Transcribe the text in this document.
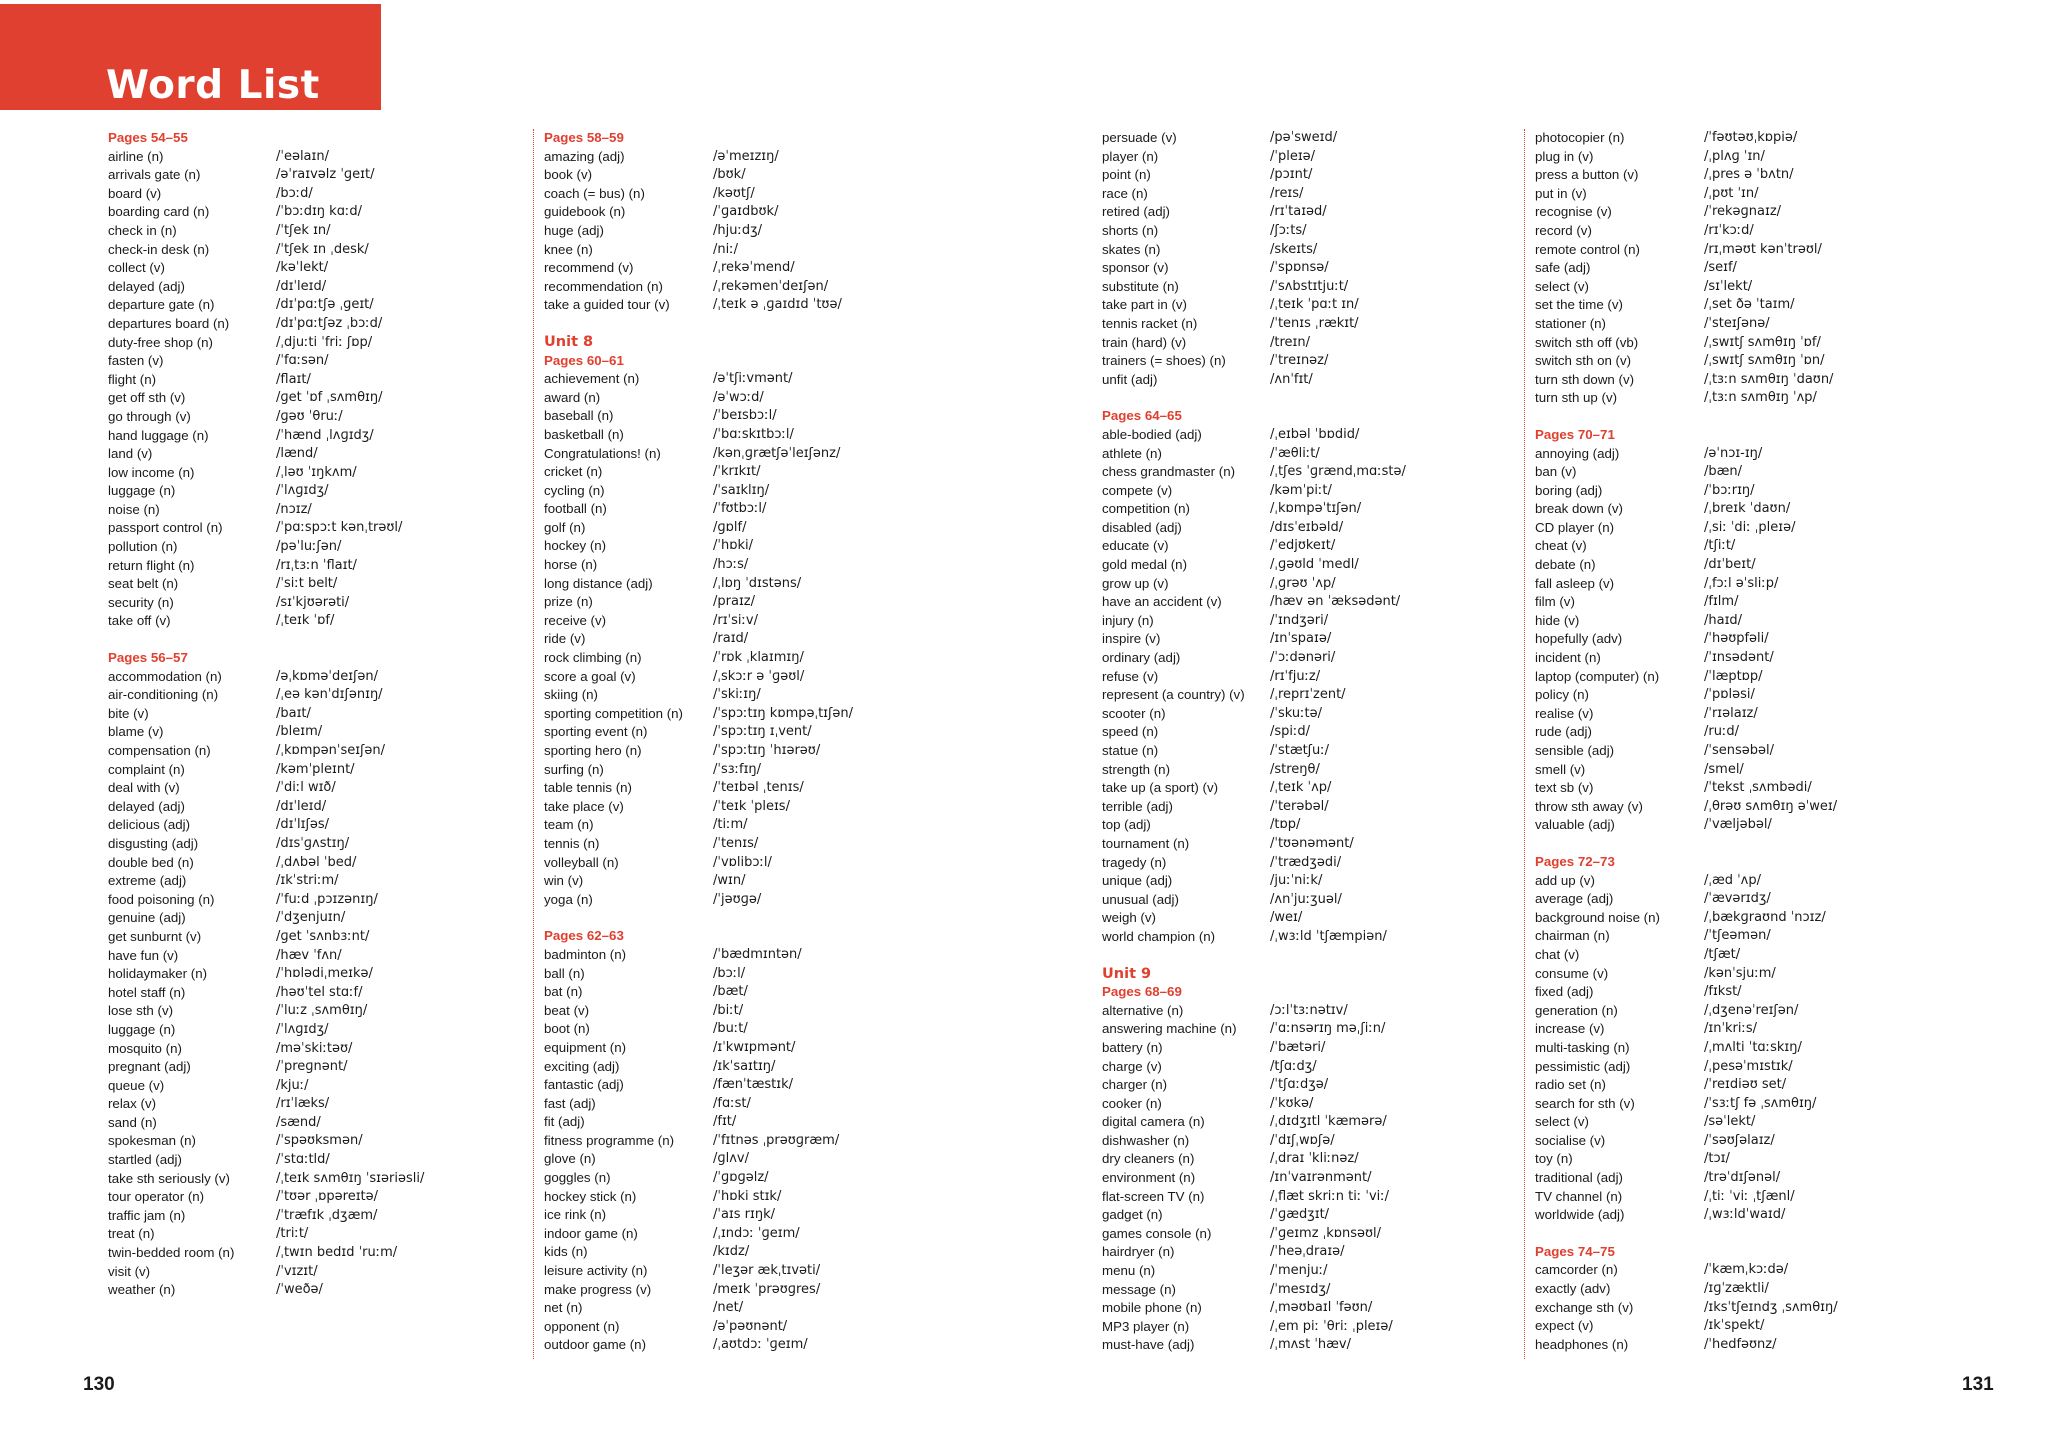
Word List
Pages 54–55
airline (n)	/ˈeəlaɪn/
arrivals gate (n)	/əˈraɪvəlz ˈɡeɪt/
board (v)	/bɔːd/
boarding card (n)	/ˈbɔːdɪŋ kɑːd/
check in (n)	/ˈtʃek ɪn/
check-in desk (n)	/ˈtʃek ɪn ˌdesk/
collect (v)	/kəˈlekt/
delayed (adj)	/dɪˈleɪd/
departure gate (n)	/dɪˈpɑːtʃə ˌɡeɪt/
departures board (n)	/dɪˈpɑːtʃəz ˌbɔːd/
duty-free shop (n)	/ˌdjuːti ˈfriː ʃɒp/
fasten (v)	/ˈfɑːsən/
flight (n)	/flaɪt/
get off sth (v)	/ɡet ˈɒf ˌsʌmθɪŋ/
go through (v)	/ɡəʊ ˈθruː/
hand luggage (n)	/ˈhænd ˌlʌɡɪdʒ/
land (v)	/lænd/
low income (n)	/ˌləʊ ˈɪŋkʌm/
luggage (n)	/ˈlʌɡɪdʒ/
noise (n)	/nɔɪz/
passport control (n)	/ˈpɑːspɔːt kənˌtrəʊl/
pollution (n)	/pəˈluːʃən/
return flight (n)	/rɪˌtɜːn ˈflaɪt/
seat belt (n)	/ˈsiːt belt/
security (n)	/sɪˈkjʊərəti/
take off (v)	/ˌteɪk ˈɒf/
Pages 56–57
accommodation (n)	/əˌkɒməˈdeɪʃən/
air-conditioning (n)	/ˌeə kənˈdɪʃənɪŋ/
bite (v)	/baɪt/
blame (v)	/bleɪm/
compensation (n)	/ˌkɒmpənˈseɪʃən/
complaint (n)	/kəmˈpleɪnt/
deal with (v)	/ˈdiːl wɪð/
delayed (adj)	/dɪˈleɪd/
delicious (adj)	/dɪˈlɪʃəs/
disgusting (adj)	/dɪsˈɡʌstɪŋ/
double bed (n)	/ˌdʌbəl ˈbed/
extreme (adj)	/ɪkˈstriːm/
food poisoning (n)	/ˈfuːd ˌpɔɪzənɪŋ/
genuine (adj)	/ˈdʒenjuɪn/
get sunburnt (v)	/ɡet ˈsʌnbɜːnt/
have fun (v)	/hæv ˈfʌn/
holidaymaker (n)	/ˈhɒlədiˌmeɪkə/
hotel staff (n)	/həʊˈtel stɑːf/
lose sth (v)	/ˈluːz ˌsʌmθɪŋ/
luggage (n)	/ˈlʌɡɪdʒ/
mosquito (n)	/məˈskiːtəʊ/
pregnant (adj)	/ˈpreɡnənt/
queue (v)	/kjuː/
relax (v)	/rɪˈlæks/
sand (n)	/sænd/
spokesman (n)	/ˈspəʊksmən/
startled (adj)	/ˈstɑːtld/
take sth seriously (v)	/ˌteɪk sʌmθɪŋ ˈsɪəriəsli/
tour operator (n)	/ˈtʊər ˌɒpəreɪtə/
traffic jam (n)	/ˈtræfɪk ˌdʒæm/
treat (n)	/triːt/
twin-bedded room (n)	/ˌtwɪn bedɪd ˈruːm/
visit (v)	/ˈvɪzɪt/
weather (n)	/ˈweðə/
Pages 58–59
amazing (adj)	/əˈmeɪzɪŋ/
book (v)	/bʊk/
coach (= bus) (n)	/kəʊtʃ/
guidebook (n)	/ˈɡaɪdbʊk/
huge (adj)	/hjuːdʒ/
knee (n)	/niː/
recommend (v)	/ˌrekəˈmend/
recommendation (n)	/ˌrekəmenˈdeɪʃən/
take a guided tour (v)	/ˌteɪk ə ˌɡaɪdɪd ˈtʊə/
Unit 8
Pages 60–61
achievement (n)	/əˈtʃiːvmənt/
award (n)	/əˈwɔːd/
baseball (n)	/ˈbeɪsbɔːl/
basketball (n)	/ˈbɑːskɪtbɔːl/
Congratulations! (n)	/kənˌɡrætʃəˈleɪʃənz/
cricket (n)	/ˈkrɪkɪt/
cycling (n)	/ˈsaɪklɪŋ/
football (n)	/ˈfʊtbɔːl/
golf (n)	/ɡɒlf/
hockey (n)	/ˈhɒki/
horse (n)	/hɔːs/
long distance (adj)	/ˌlɒŋ ˈdɪstəns/
prize (n)	/praɪz/
receive (v)	/rɪˈsiːv/
ride (v)	/raɪd/
rock climbing (n)	/ˈrɒk ˌklaɪmɪŋ/
score a goal (v)	/ˌskɔːr ə ˈɡəʊl/
skiing (n)	/ˈskiːɪŋ/
sporting competition (n)	/ˈspɔːtɪŋ kɒmpəˌtɪʃən/
sporting event (n)	/ˈspɔːtɪŋ ɪˌvent/
sporting hero (n)	/ˈspɔːtɪŋ ˈhɪərəʊ/
surfing (n)	/ˈsɜːfɪŋ/
table tennis (n)	/ˈteɪbəl ˌtenɪs/
take place (v)	/ˈteɪk ˈpleɪs/
team (n)	/tiːm/
tennis (n)	/ˈtenɪs/
volleyball (n)	/ˈvɒlibɔːl/
win (v)	/wɪn/
yoga (n)	/ˈjəʊɡə/
Pages 62–63
badminton (n)	/ˈbædmɪntən/
ball (n)	/bɔːl/
bat (n)	/bæt/
beat (v)	/biːt/
boot (n)	/buːt/
equipment (n)	/ɪˈkwɪpmənt/
exciting (adj)	/ɪkˈsaɪtɪŋ/
fantastic (adj)	/fænˈtæstɪk/
fast (adj)	/fɑːst/
fit (adj)	/fɪt/
fitness programme (n)	/ˈfɪtnəs ˌprəʊɡræm/
glove (n)	/ɡlʌv/
goggles (n)	/ˈɡɒɡəlz/
hockey stick (n)	/ˈhɒki stɪk/
ice rink (n)	/ˈaɪs rɪŋk/
indoor game (n)	/ˌɪndɔː ˈɡeɪm/
kids (n)	/kɪdz/
leisure activity (n)	/ˈleʒər ækˌtɪvəti/
make progress (v)	/meɪk ˈprəʊɡres/
net (n)	/net/
opponent (n)	/əˈpəʊnənt/
outdoor game (n)	/ˌaʊtdɔː ˈɡeɪm/
persuade (v)	/pəˈsweɪd/
player (n)	/ˈpleɪə/
point (n)	/pɔɪnt/
race (n)	/reɪs/
retired (adj)	/rɪˈtaɪəd/
shorts (n)	/ʃɔːts/
skates (n)	/skeɪts/
sponsor (v)	/ˈspɒnsə/
substitute (n)	/ˈsʌbstɪtjuːt/
take part in (v)	/ˌteɪk ˈpɑːt ɪn/
tennis racket (n)	/ˈtenɪs ˌrækɪt/
train (hard) (v)	/treɪn/
trainers (= shoes) (n)	/ˈtreɪnəz/
unfit (adj)	/ʌnˈfɪt/
Pages 64–65
able-bodied (adj)	/ˌeɪbəl ˈbɒdid/
athlete (n)	/ˈæθliːt/
chess grandmaster (n)	/ˌtʃes ˈɡrændˌmɑːstə/
compete (v)	/kəmˈpiːt/
competition (n)	/ˌkɒmpəˈtɪʃən/
disabled (adj)	/dɪsˈeɪbəld/
educate (v)	/ˈedjʊkeɪt/
gold medal (n)	/ˌɡəʊld ˈmedl/
grow up (v)	/ˌɡrəʊ ˈʌp/
have an accident (v)	/hæv ən ˈæksədənt/
injury (n)	/ˈɪndʒəri/
inspire (v)	/ɪnˈspaɪə/
ordinary (adj)	/ˈɔːdənəri/
refuse (v)	/rɪˈfjuːz/
represent (a country) (v)	/ˌreprɪˈzent/
scooter (n)	/ˈskuːtə/
speed (n)	/spiːd/
statue (n)	/ˈstætʃuː/
strength (n)	/streŋθ/
take up (a sport) (v)	/ˌteɪk ˈʌp/
terrible (adj)	/ˈterəbəl/
top (adj)	/tɒp/
tournament (n)	/ˈtʊənəmənt/
tragedy (n)	/ˈtrædʒədi/
unique (adj)	/juːˈniːk/
unusual (adj)	/ʌnˈjuːʒuəl/
weigh (v)	/weɪ/
world champion (n)	/ˌwɜːld ˈtʃæmpiən/
Unit 9
Pages 68–69
alternative (n)	/ɔːlˈtɜːnətɪv/
answering machine (n)	/ˈɑːnsərɪŋ məˌʃiːn/
battery (n)	/ˈbætəri/
charge (v)	/tʃɑːdʒ/
charger (n)	/ˈtʃɑːdʒə/
cooker (n)	/ˈkʊkə/
digital camera (n)	/ˌdɪdʒɪtl ˈkæmərə/
dishwasher (n)	/ˈdɪʃˌwɒʃə/
dry cleaners (n)	/ˌdraɪ ˈkliːnəz/
environment (n)	/ɪnˈvaɪrənmənt/
flat-screen TV (n)	/ˌflæt skriːn tiː ˈviː/
gadget (n)	/ˈɡædʒɪt/
games console (n)	/ˈɡeɪmz ˌkɒnsəʊl/
hairdryer (n)	/ˈheəˌdraɪə/
menu (n)	/ˈmenjuː/
message (n)	/ˈmesɪdʒ/
mobile phone (n)	/ˌməʊbaɪl ˈfəʊn/
MP3 player (n)	/ˌem piː ˈθriː ˌpleɪə/
must-have (adj)	/ˌmʌst ˈhæv/
photocopier (n)	/ˈfəʊtəʊˌkɒpiə/
plug in (v)	/ˌplʌɡ ˈɪn/
press a button (v)	/ˌpres ə ˈbʌtn/
put in (v)	/ˌpʊt ˈɪn/
recognise (v)	/ˈrekəɡnaɪz/
record (v)	/rɪˈkɔːd/
remote control (n)	/rɪˌməʊt kənˈtrəʊl/
safe (adj)	/seɪf/
select (v)	/sɪˈlekt/
set the time (v)	/ˌset ðə ˈtaɪm/
stationer (n)	/ˈsteɪʃənə/
switch sth off (vb)	/ˌswɪtʃ sʌmθɪŋ ˈɒf/
switch sth on (v)	/ˌswɪtʃ sʌmθɪŋ ˈɒn/
turn sth down (v)	/ˌtɜːn sʌmθɪŋ ˈdaʊn/
turn sth up (v)	/ˌtɜːn sʌmθɪŋ ˈʌp/
Pages 70–71
annoying (adj)	/əˈnɔɪ-ɪŋ/
ban (v)	/bæn/
boring (adj)	/ˈbɔːrɪŋ/
break down (v)	/ˌbreɪk ˈdaʊn/
CD player (n)	/ˌsiː ˈdiː ˌpleɪə/
cheat (v)	/tʃiːt/
debate (n)	/dɪˈbeɪt/
fall asleep (v)	/ˌfɔːl əˈsliːp/
film (v)	/fɪlm/
hide (v)	/haɪd/
hopefully (adv)	/ˈhəʊpfəli/
incident (n)	/ˈɪnsədənt/
laptop (computer) (n)	/ˈlæptɒp/
policy (n)	/ˈpɒləsi/
realise (v)	/ˈrɪəlaɪz/
rude (adj)	/ruːd/
sensible (adj)	/ˈsensəbəl/
smell (v)	/smel/
text sb (v)	/ˈtekst ˌsʌmbədi/
throw sth away (v)	/ˌθrəʊ sʌmθɪŋ əˈweɪ/
valuable (adj)	/ˈvæljəbəl/
Pages 72–73
add up (v)	/ˌæd ˈʌp/
average (adj)	/ˈævərɪdʒ/
background noise (n)	/ˌbækɡraʊnd ˈnɔɪz/
chairman (n)	/ˈtʃeəmən/
chat (v)	/tʃæt/
consume (v)	/kənˈsjuːm/
fixed (adj)	/fɪkst/
generation (n)	/ˌdʒenəˈreɪʃən/
increase (v)	/ɪnˈkriːs/
multi-tasking (n)	/ˌmʌlti ˈtɑːskɪŋ/
pessimistic (adj)	/ˌpesəˈmɪstɪk/
radio set (n)	/ˈreɪdiəʊ set/
search for sth (v)	/ˈsɜːtʃ fə ˌsʌmθɪŋ/
select (v)	/səˈlekt/
socialise (v)	/ˈsəʊʃəlaɪz/
toy (n)	/tɔɪ/
traditional (adj)	/trəˈdɪʃənəl/
TV channel (n)	/ˌtiː ˈviː ˌtʃænl/
worldwide (adj)	/ˌwɜːldˈwaɪd/
Pages 74–75
camcorder (n)	/ˈkæmˌkɔːdə/
exactly (adv)	/ɪɡˈzæktli/
exchange sth (v)	/ɪksˈtʃeɪndʒ ˌsʌmθɪŋ/
expect (v)	/ɪkˈspekt/
headphones (n)	/ˈhedfəʊnz/
130	131
